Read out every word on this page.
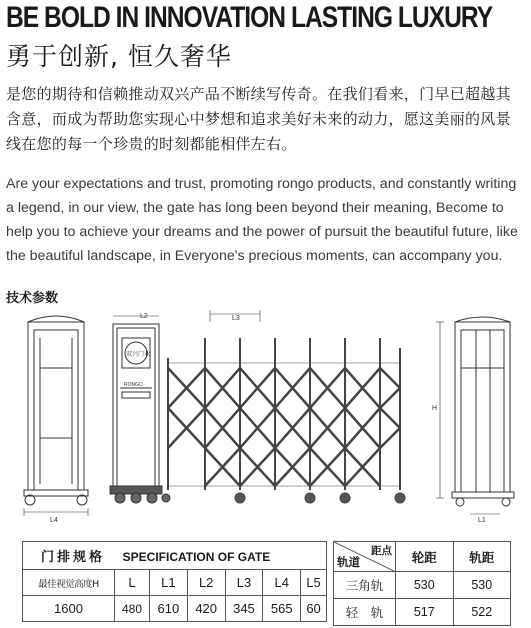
BE BOLD IN INNOVATION LASTING LUXURY
勇于创新, 恒久奢华
是您的期待和信赖推动双兴产品不断续写传奇。在我们看来，门早已超越其含意，而成为帮助您实现心中梦想和追求美好未来的动力，愿这美丽的风景线在您的每一个珍贵的时刻都能相伴左右。
Are your expectations and trust, promoting rongo products, and constantly writing a legend, in our view, the gate has long been beyond their meaning, Become to help you to achieve your dreams and the power of pursuit the beautiful future, like the beautiful landscape, in Everyone's precious moments, can accompany you.
技术参数
L4
双兴门业
RONGO
L2	L3
H
L1
门排规格 SPECIFICATION OF GATE						
最佳视觉高度H	L	L1	L2	L3	L4	L5
1600	480	610	420	345	565	60
距点
轨道	轮距	轨距
三角轨	530	530
轻　轨	517	522
